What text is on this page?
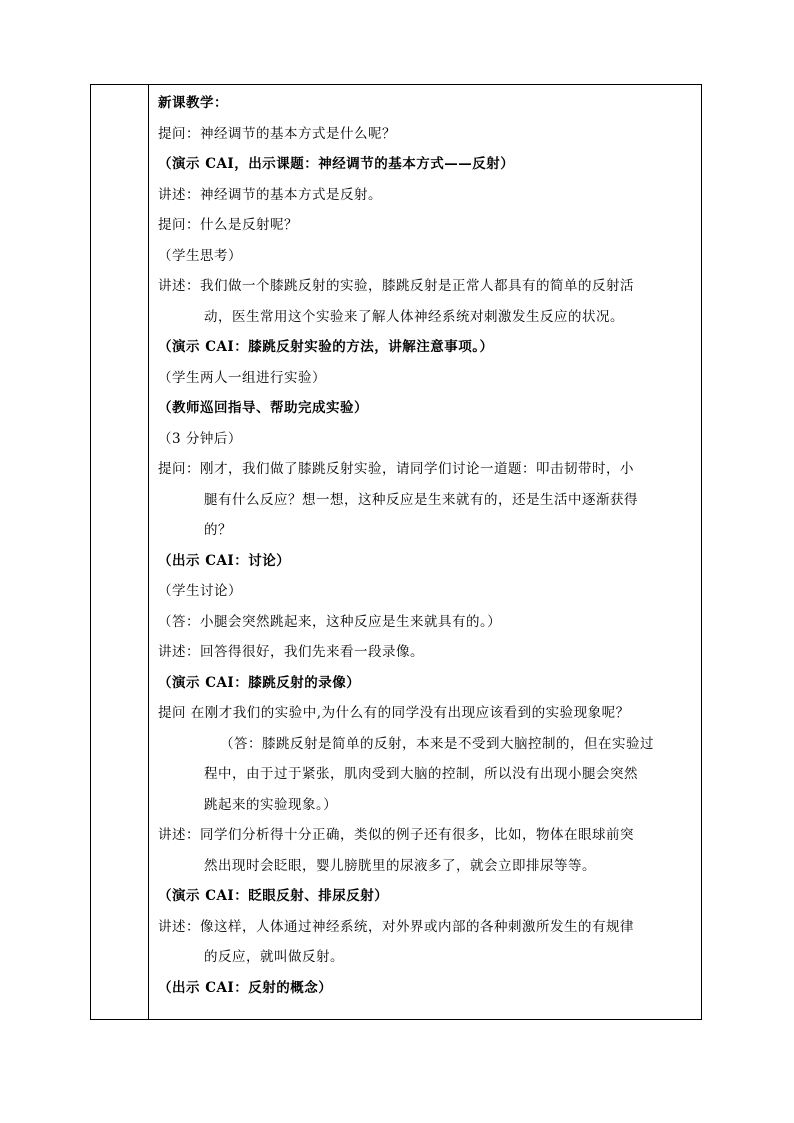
新课教学：
提问：神经调节的基本方式是什么呢？
（演示 CAI，出示课题：神经调节的基本方式——反射）
讲述：神经调节的基本方式是反射。
提问：什么是反射呢？
（学生思考）
讲述：我们做一个膝跳反射的实验，膝跳反射是正常人都具有的简单的反射活
动，医生常用这个实验来了解人体神经系统对刺激发生反应的状况。
（演示 CAI：膝跳反射实验的方法，讲解注意事项。）
（学生两人一组进行实验）
（教师巡回指导、帮助完成实验）
（3 分钟后）
提问：刚才，我们做了膝跳反射实验，请同学们讨论一道题：叩击韧带时，小
腿有什么反应？想一想，这种反应是生来就有的，还是生活中逐渐获得
的？
（出示 CAI：讨论）
（学生讨论）
（答：小腿会突然跳起来，这种反应是生来就具有的。）
讲述：回答得很好，我们先来看一段录像。
（演示 CAI：膝跳反射的录像）
提问 在刚才我们的实验中,为什么有的同学没有出现应该看到的实验现象呢？
（答：膝跳反射是简单的反射，本来是不受到大脑控制的，但在实验过
程中，由于过于紧张，肌肉受到大脑的控制，所以没有出现小腿会突然
跳起来的实验现象。）
讲述：同学们分析得十分正确，类似的例子还有很多，比如，物体在眼球前突
然出现时会眨眼，婴儿膀胱里的尿液多了，就会立即排尿等等。
（演示 CAI：眨眼反射、排尿反射）
讲述：像这样，人体通过神经系统，对外界或内部的各种刺激所发生的有规律
的反应，就叫做反射。
（出示 CAI：反射的概念）
